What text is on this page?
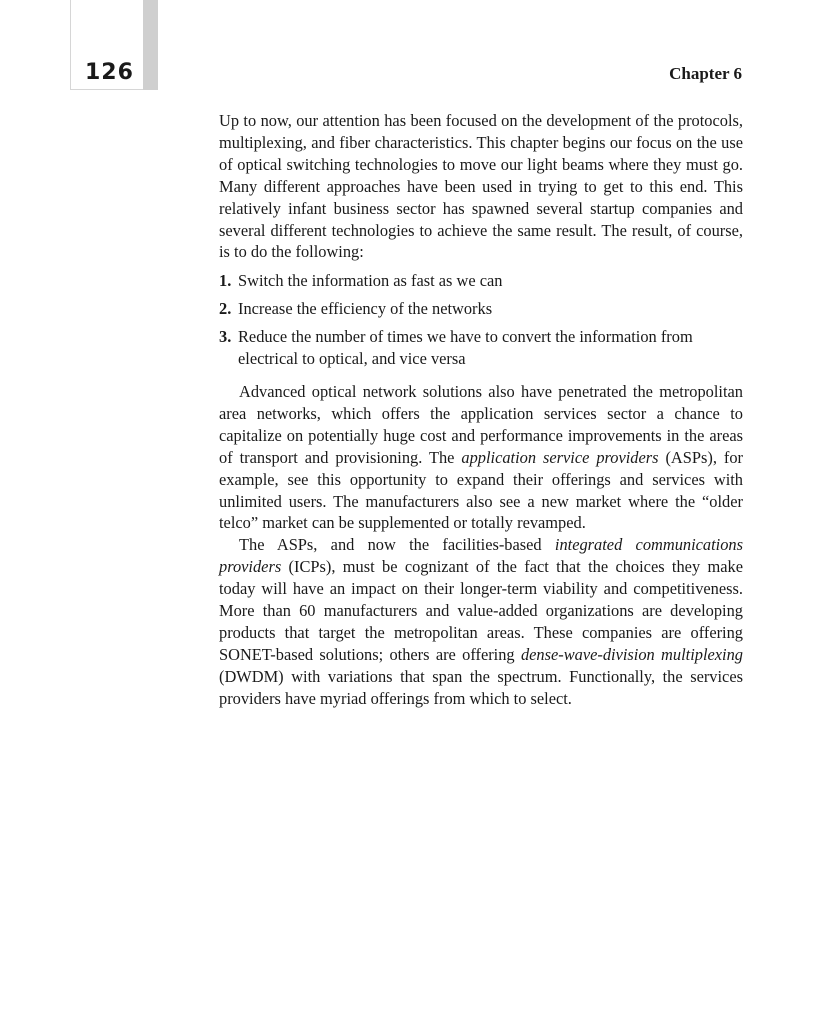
126	Chapter 6

Up to now, our attention has been focused on the development of the protocols, multiplexing, and fiber characteristics. This chapter begins our focus on the use of optical switching technologies to move our light beams where they must go. Many different approaches have been used in trying to get to this end. This relatively infant business sector has spawned several startup companies and several different technologies to achieve the same result. The result, of course, is to do the following:

1. Switch the information as fast as we can
2. Increase the efficiency of the networks
3. Reduce the number of times we have to convert the information from electrical to optical, and vice versa

Advanced optical network solutions also have penetrated the metropolitan area networks, which offers the application services sector a chance to capitalize on potentially huge cost and performance improvements in the areas of transport and provisioning. The application service providers (ASPs), for example, see this opportunity to expand their offerings and services with unlimited users. The manufacturers also see a new market where the “older telco” market can be supplemented or totally revamped.

The ASPs, and now the facilities-based integrated communications providers (ICPs), must be cognizant of the fact that the choices they make today will have an impact on their longer-term viability and competitiveness. More than 60 manufacturers and value-added organizations are developing products that target the metropolitan areas. These companies are offering SONET-based solutions; others are offering dense-wave-division multiplexing (DWDM) with variations that span the spectrum. Functionally, the services providers have myriad offerings from which to select.
